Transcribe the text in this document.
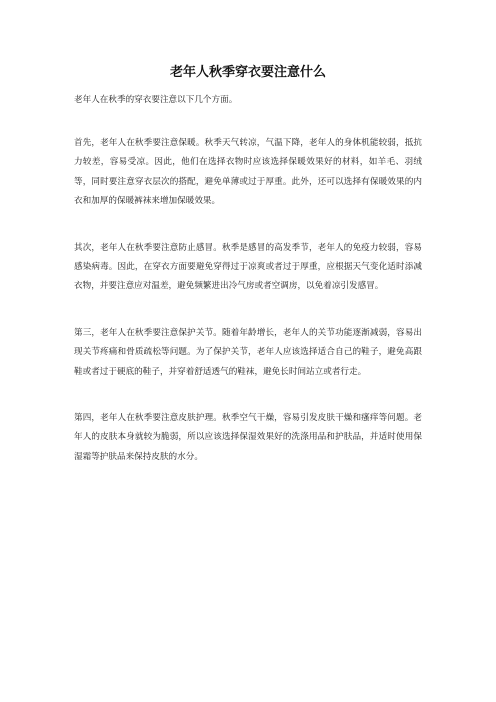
老年人秋季穿衣要注意什么

老年人在秋季的穿衣要注意以下几个方面。

首先，老年人在秋季要注意保暖。秋季天气转凉，气温下降，老年人的身体机能较弱，抵抗力较差，容易受凉。因此，他们在选择衣物时应该选择保暖效果好的材料，如羊毛、羽绒等，同时要注意穿衣层次的搭配，避免单薄或过于厚重。此外，还可以选择有保暖效果的内衣和加厚的保暖裤袜来增加保暖效果。

其次，老年人在秋季要注意防止感冒。秋季是感冒的高发季节，老年人的免疫力较弱，容易感染病毒。因此，在穿衣方面要避免穿得过于凉爽或者过于厚重，应根据天气变化适时添减衣物，并要注意应对温差，避免频繁进出冷气房或者空调房，以免着凉引发感冒。

第三，老年人在秋季要注意保护关节。随着年龄增长，老年人的关节功能逐渐减弱，容易出现关节疼痛和骨质疏松等问题。为了保护关节，老年人应该选择适合自己的鞋子，避免高跟鞋或者过于硬底的鞋子，并穿着舒适透气的鞋袜，避免长时间站立或者行走。

第四，老年人在秋季要注意皮肤护理。秋季空气干燥，容易引发皮肤干燥和瘙痒等问题。老年人的皮肤本身就较为脆弱，所以应该选择保湿效果好的洗涤用品和护肤品，并适时使用保湿霜等护肤品来保持皮肤的水分。
